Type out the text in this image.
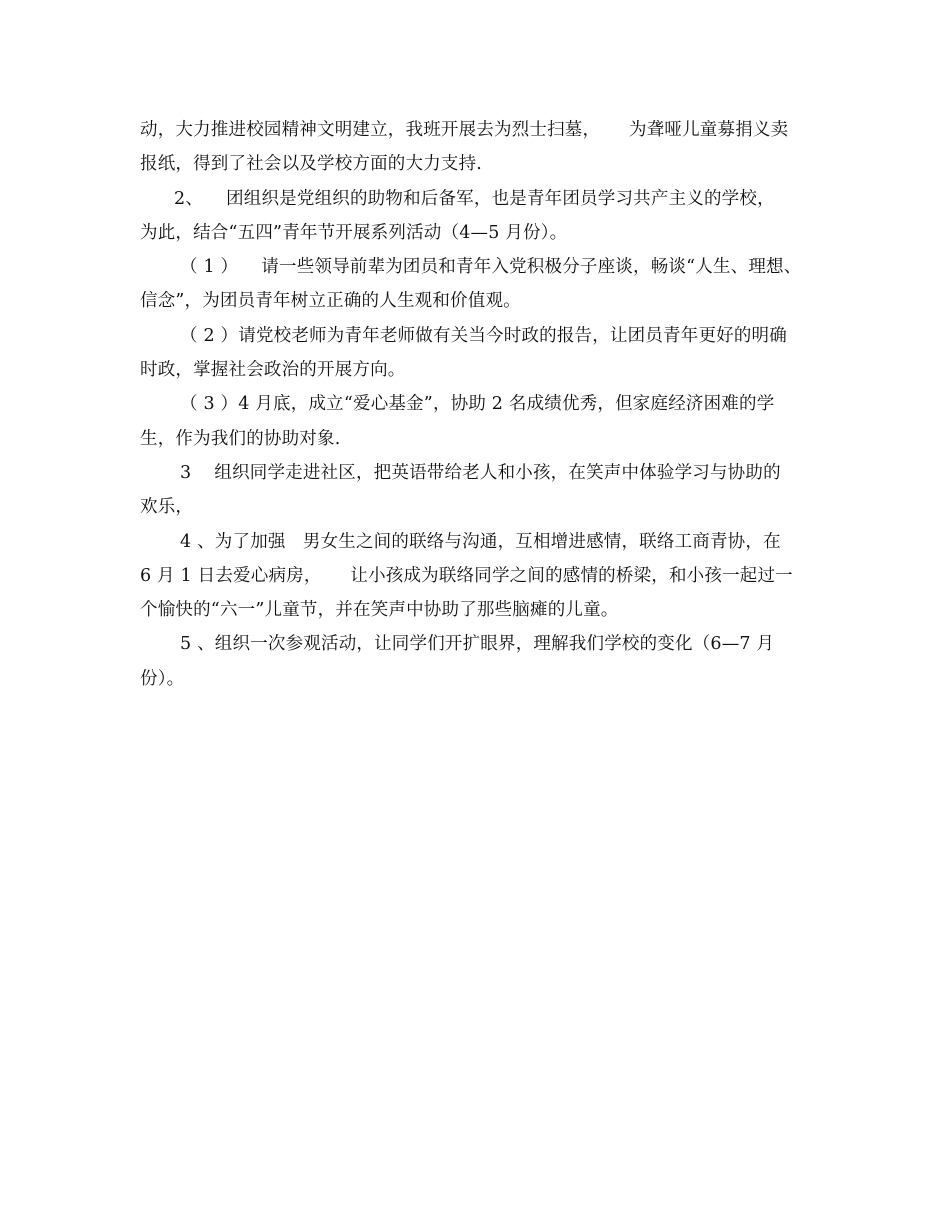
动，大力推进校园精神文明建立，我班开展去为烈士扫墓，     为聋哑儿童募捐义卖
报纸，得到了社会以及学校方面的大力支持.
2、    团组织是党组织的助物和后备军，也是青年团员学习共产主义的学校，
为此，结合“五四”青年节开展系列活动（4—5 月份）。
（ 1 ）    请一些领导前辈为团员和青年入党积极分子座谈，畅谈“人生、理想、
信念”，为团员青年树立正确的人生观和价值观。
（ 2 ）请党校老师为青年老师做有关当今时政的报告，让团员青年更好的明确
时政，掌握社会政治的开展方向。
（ 3 ）4 月底，成立“爱心基金”，协助 2 名成绩优秀，但家庭经济困难的学
生，作为我们的协助对象.
3    组织同学走进社区，把英语带给老人和小孩，在笑声中体验学习与协助的
欢乐，
4 、为了加强   男女生之间的联络与沟通，互相增进感情，联络工商青协，在
6 月 1 日去爱心病房，     让小孩成为联络同学之间的感情的桥梁，和小孩一起过一
个愉快的“六一”儿童节，并在笑声中协助了那些脑瘫的儿童。
5 、组织一次参观活动，让同学们开扩眼界，理解我们学校的变化（6—7 月
份）。
